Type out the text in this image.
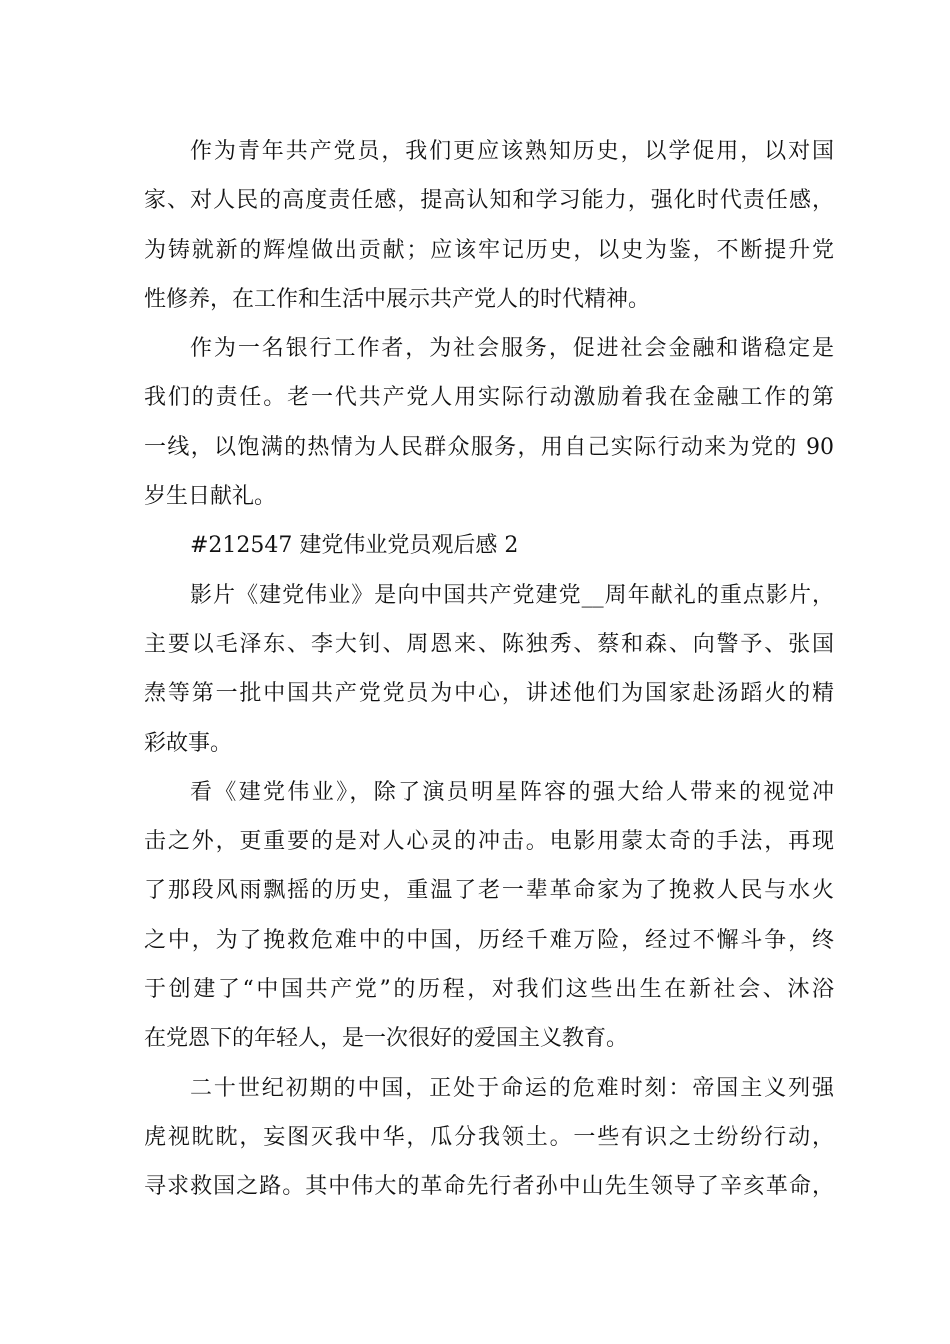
作为青年共产党员，我们更应该熟知历史，以学促用，以对国
家、对人民的高度责任感，提高认知和学习能力，强化时代责任感，
为铸就新的辉煌做出贡献；应该牢记历史，以史为鉴，不断提升党
性修养，在工作和生活中展示共产党人的时代精神。
作为一名银行工作者，为社会服务，促进社会金融和谐稳定是
我们的责任。老一代共产党人用实际行动激励着我在金融工作的第
一线，以饱满的热情为人民群众服务，用自己实际行动来为党的 90
岁生日献礼。
#212547 建党伟业党员观后感 2
影片《建党伟业》是向中国共产党建党__周年献礼的重点影片，
主要以毛泽东、李大钊、周恩来、陈独秀、蔡和森、向警予、张国
焘等第一批中国共产党党员为中心，讲述他们为国家赴汤蹈火的精
彩故事。
看《建党伟业》，除了演员明星阵容的强大给人带来的视觉冲
击之外，更重要的是对人心灵的冲击。电影用蒙太奇的手法，再现
了那段风雨飘摇的历史，重温了老一辈革命家为了挽救人民与水火
之中，为了挽救危难中的中国，历经千难万险，经过不懈斗争，终
于创建了“中国共产党”的历程，对我们这些出生在新社会、沐浴
在党恩下的年轻人，是一次很好的爱国主义教育。
二十世纪初期的中国，正处于命运的危难时刻：帝国主义列强
虎视眈眈，妄图灭我中华，瓜分我领土。一些有识之士纷纷行动，
寻求救国之路。其中伟大的革命先行者孙中山先生领导了辛亥革命，
